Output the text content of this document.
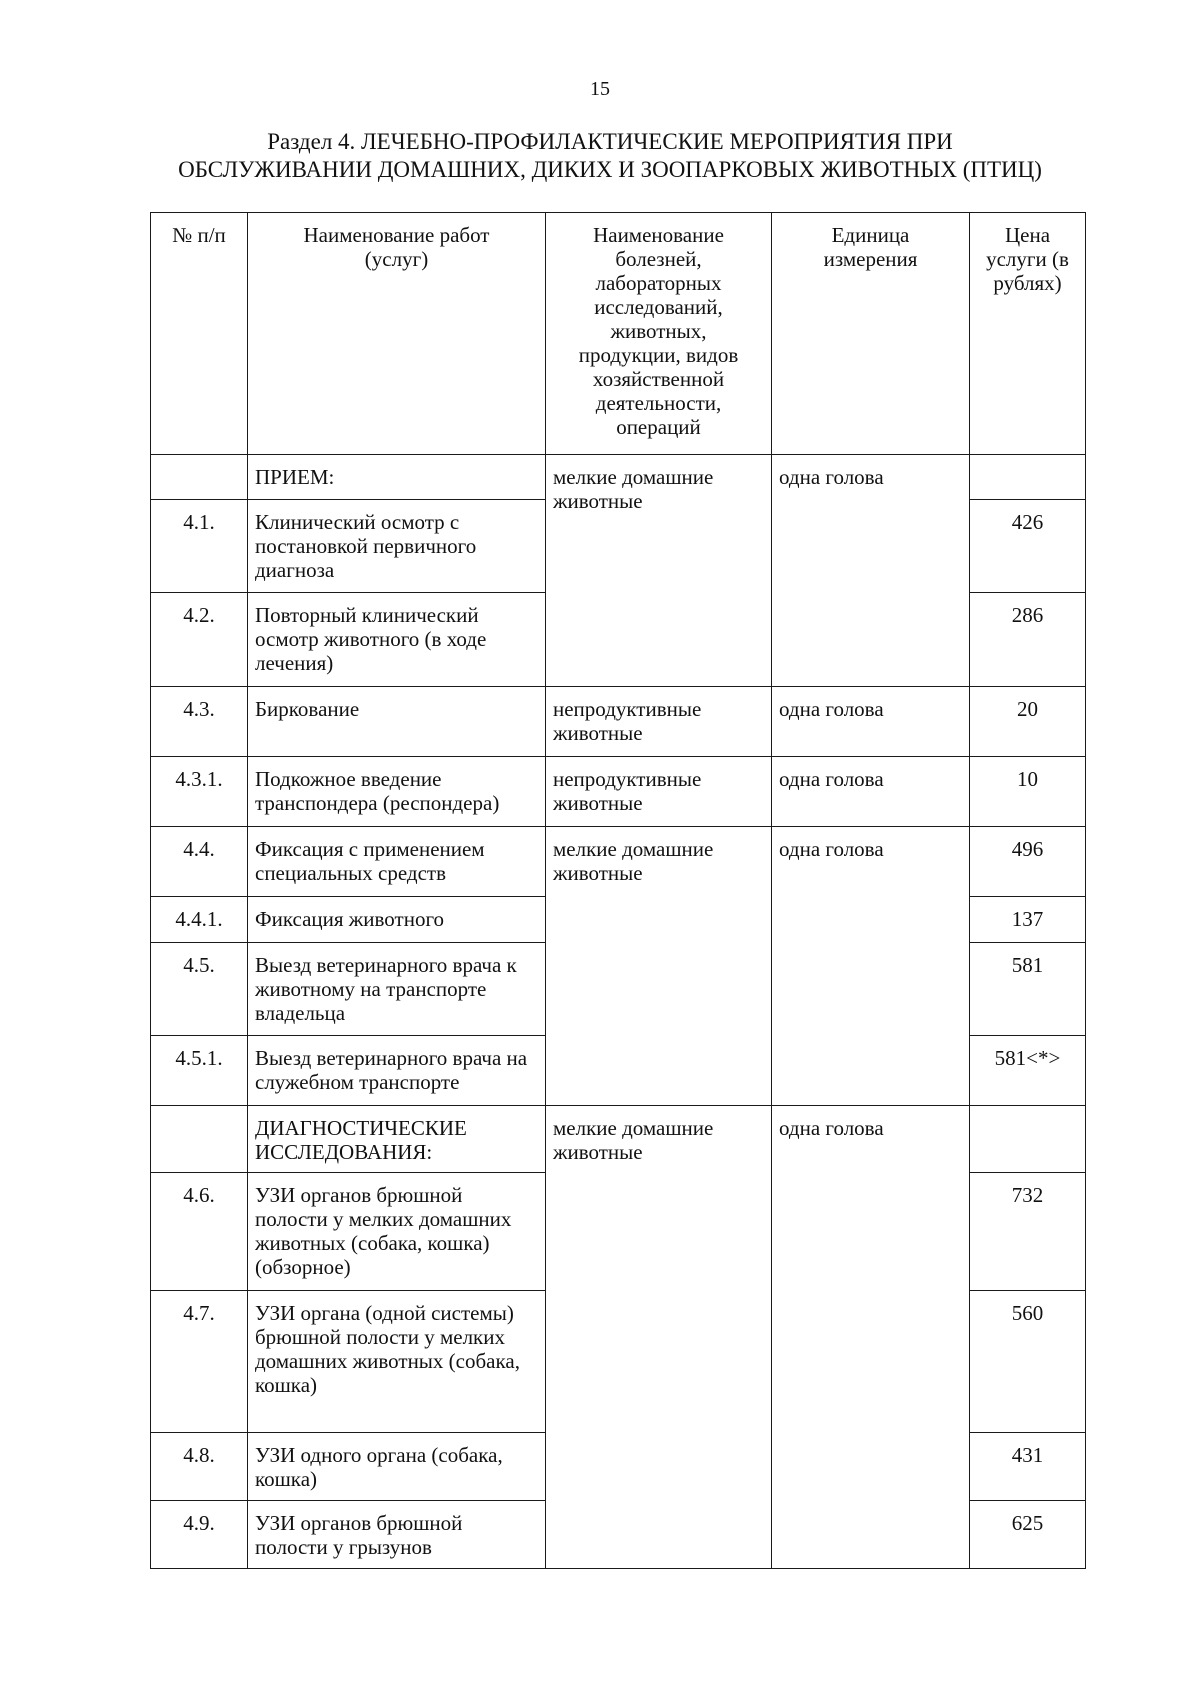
15
Раздел 4. ЛЕЧЕБНО-ПРОФИЛАКТИЧЕСКИЕ МЕРОПРИЯТИЯ ПРИ
ОБСЛУЖИВАНИИ ДОМАШНИХ, ДИКИХ И ЗООПАРКОВЫХ ЖИВОТНЫХ (ПТИЦ)
№ п/п	Наименование работ (услуг)	Наименование болезней, лабораторных исследований, животных, продукции, видов хозяйственной деятельности, операций	Единица измерения	Цена услуги (в рублях)
	ПРИЕМ:	мелкие домашние животные	одна голова	
4.1.	Клинический осмотр с постановкой первичного диагноза			426
4.2.	Повторный клинический осмотр животного (в ходе лечения)			286
4.3.	Биркование	непродуктивные животные	одна голова	20
4.3.1.	Подкожное введение транспондера (респондера)	непродуктивные животные	одна голова	10
4.4.	Фиксация с применением специальных средств	мелкие домашние животные	одна голова	496
4.4.1.	Фиксация животного			137
4.5.	Выезд ветеринарного врача к животному на транспорте владельца			581
4.5.1.	Выезд ветеринарного врача на служебном транспорте			581<*>
	ДИАГНОСТИЧЕСКИЕ ИССЛЕДОВАНИЯ:	мелкие домашние животные	одна голова	
4.6.	УЗИ органов брюшной полости у мелких домашних животных (собака, кошка) (обзорное)			732
4.7.	УЗИ органа (одной системы) брюшной полости у мелких домашних животных (собака, кошка)			560
4.8.	УЗИ одного органа (собака, кошка)			431
4.9.	УЗИ органов брюшной полости у грызунов			625
